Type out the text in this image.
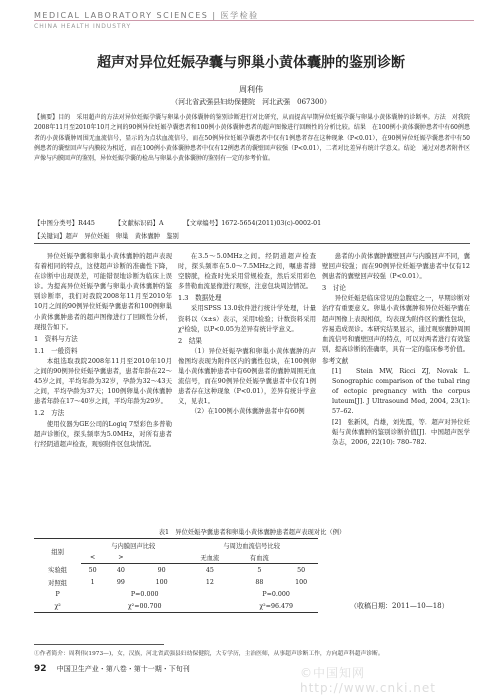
MEDICAL LABORATORY SCIENCES | 医学检验
CHINA HEALTH INDUSTRY
超声对异位妊娠孕囊与卵巢小黄体囊肿的鉴别诊断
周利伟
（河北省武强县妇幼保健院　河北武强　067300）
【摘要】目的　采用超声的方法对异位妊娠孕囊与卵巢小黄体囊肿的鉴别诊断进行对比研究，从而提高早期异位妊娠孕囊与卵巢小黄体囊肿的诊断率。方法　对我院2008年11月至2010年10月之间的90例异位妊娠孕囊患者和100例小黄体囊肿患者的超声图像进行回顾性的分析比较。结果　在100例小黄体囊肿患者中有60例患者的小黄体囊肿周围无血流信号，显示的为点状血流信号，而在50例异位妊娠孕囊患者中仅有1例患者存在这种现象（P<0.01），在90例异位妊娠孕囊患者中有50例患者的囊壁回声与内膜较为相近，而在100例小黄体囊肿患者中仅有12例患者的囊壁回声较强（P<0.01），二者对比差异有统计学意义。结论　通过对患者附件区声像与内膜回声的鉴别，异位妊娠孕囊的检出与卵巢小黄体囊肿的鉴别有一定的参考价值。
【中图分类号】R445	【文献标识码】A	【文章编号】1672-5654(2011)03(c)-0002-01
【关键词】超声　异位妊娠　卵巢　黄体囊肿　鉴别

异位妊娠孕囊和卵巢小黄体囊肿的超声表现有着相同的特点，这使超声诊断的准确性下降，在诊断中出现误差，可能错误地诊断为临床上误诊。为提高异位妊娠孕囊与卵巢小黄体囊肿的鉴别诊断率，我们对我院2008年11月至2010年10月之间的90例异位妊娠孕囊患者和100例卵巢小黄体囊肿患者的超声图像进行了回顾性分析，现报告如下。

1　资料与方法
1.1　一般资料

本组选取我院2008年11月至2010年10月之间的90例异位妊娠孕囊患者，患者年龄在22～45岁之间，平均年龄为32岁，孕龄为32～43天之间，平均孕龄为37天；100例卵巢小黄体囊肿患者年龄在17～40岁之间，平均年龄为29岁。

1.2　方法

使用仪器为GE公司的Logiq 7型彩色多普勒超声诊断仪，探头频率为5.0MHz，对所有患者行经阴道超声检查，观察附件区包块情况。

在3.5～5.0MHz之间。经阴道超声检查时，探头频率在5.0～7.5MHz之间，嘱患者排空膀胱，检查时先采用常规检查，然后采用彩色多普勒血流显像进行观察，注意包块周边情况。

1.3　数据处理

采用SPSS 13.0软件进行统计学处理，计量资料以（x±s）表示，采用t检验；计数资料采用χ²检验，以P<0.05为差异有统计学意义。

2　结果

（1）异位妊娠孕囊和卵巢小黄体囊肿的声像图均表现为附件区内的囊性包块，在100例卵巢小黄体囊肿患者中有60例患者的囊肿周围无血流信号，而在90例异位妊娠孕囊患者中仅有1例患者存在这种现象（P<0.01），差异有统计学意义，见表1。

（2）在100例小黄体囊肿患者中有60例

患者的小黄体囊肿囊壁回声与内膜回声不同，囊壁回声较强；而在90例异位妊娠孕囊患者中仅有12例患者的囊壁回声较强（P<0.01）。

3　讨论

异位妊娠是临床常见的急腹症之一，早期诊断对治疗有重要意义。卵巢小黄体囊肿和异位妊娠孕囊在超声图像上表现相似，均表现为附件区的囊性包块，容易造成误诊。本研究结果显示，通过观察囊肿周围血流信号和囊壁回声的特点，可以对两者进行有效鉴别，提高诊断的准确率，具有一定的临床参考价值。

参考文献

[1]　Stein MW, Ricci ZJ, Novak L. Sonographic comparison of the tubal ring of ectopic pregnancy with the corpus luteum[J]. J Ultrasound Med, 2004, 23(1): 57–62.

[2]　张新风，肖雄，刘先霞，等．超声对异位妊娠与黄体囊肿的鉴别诊断价值[J]．中国超声医学杂志，2006, 22(10): 780–782.

（收稿日期：2011—10—18）
表1　异位妊娠孕囊患者和卵巢小黄体囊肿患者超声表现对比（例）
组别	与内膜回声比较			与周边血流信号比较		
	<	>		无血流	有血流	
实验组	50	40	90	45	5	50
对照组	1	99	100	12	88	100
P		P=0.000			P=0.000	
χ²		χ²=00.700			χ²=96.479	
①作者简介：周利伟(1973—)，女，汉族，河北省武强县妇幼保健院，大专学历，主治医师，从事超声诊断工作，方向超声科超声诊断。
92 中国卫生产业・第八卷・第十一期・下旬刊	©中国知网 http://www.cnki.net
